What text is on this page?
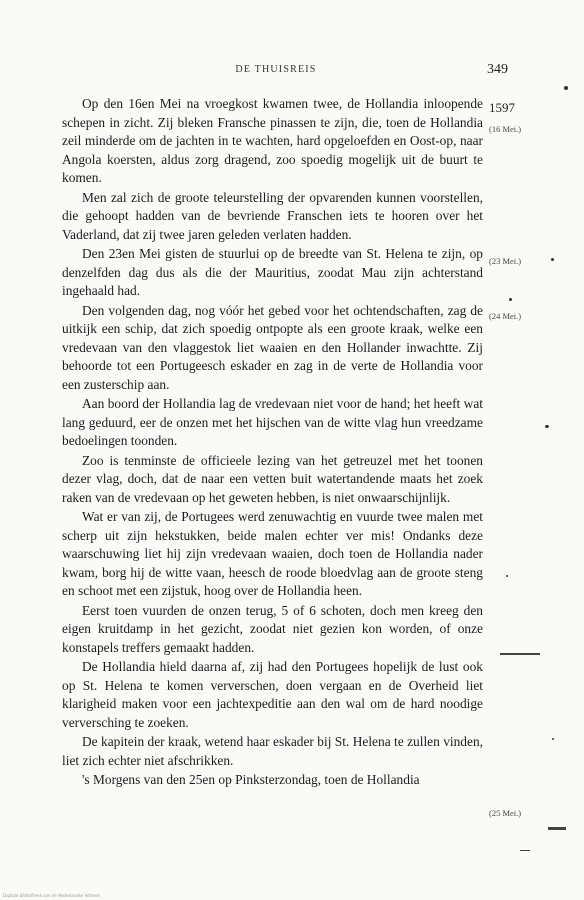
DE THUISREIS	349

Op den 16en Mei na vroegkost kwamen twee, de Hollandia inloopende schepen in zicht. Zij bleken Fransche pinassen te zijn, die, toen de Hollandia zeil minderde om de jachten in te wachten, hard opgeloefden en Oost-op, naar Angola koersten, aldus zorg dragend, zoo spoedig mogelijk uit de buurt te komen.

Men zal zich de groote teleurstelling der opvarenden kunnen voorstellen, die gehoopt hadden van de bevriende Franschen iets te hooren over het Vaderland, dat zij twee jaren geleden verlaten hadden.

Den 23en Mei gisten de stuurlui op de breedte van St. Helena te zijn, op denzelfden dag dus als die der Mauritius, zoodat Mau zijn achterstand ingehaald had.

Den volgenden dag, nog vóór het gebed voor het ochtendschaften, zag de uitkijk een schip, dat zich spoedig ontpopte als een groote kraak, welke een vredevaan van den vlaggestok liet waaien en den Hollander inwachtte. Zij behoorde tot een Portugeesch eskader en zag in de verte de Hollandia voor een zusterschip aan.

Aan boord der Hollandia lag de vredevaan niet voor de hand; het heeft wat lang geduurd, eer de onzen met het hijschen van de witte vlag hun vreedzame bedoelingen toonden.

Zoo is tenminste de officieele lezing van het getreuzel met het toonen dezer vlag, doch, dat de naar een vetten buit watertandende maats het zoek raken van de vredevaan op het geweten hebben, is niet onwaarschijnlijk.

Wat er van zij, de Portugees werd zenuwachtig en vuurde twee malen met scherp uit zijn hekstukken, beide malen echter ver mis! Ondanks deze waarschuwing liet hij zijn vredevaan waaien, doch toen de Hollandia nader kwam, borg hij de witte vaan, heesch de roode bloedvlag aan de groote steng en schoot met een zijstuk, hoog over de Hollandia heen.

Eerst toen vuurden de onzen terug, 5 of 6 schoten, doch men kreeg den eigen kruitdamp in het gezicht, zoodat niet gezien kon worden, of onze konstapels treffers gemaakt hadden.

De Hollandia hield daarna af, zij had den Portugees hopelijk de lust ook op St. Helena te komen ververschen, doen vergaan en de Overheid liet klarigheid maken voor een jachtexpeditie aan den wal om de hard noodige verversching te zoeken.

De kapitein der kraak, wetend haar eskader bij St. Helena te zullen vinden, liet zich echter niet afschrikken.

's Morgens van den 25en op Pinksterzondag, toen de Hollandia

1597
(16 Mei.)
(23 Mei.)
(24 Mei.)
(25 Mei.)
Digitale bibliotheek van de Nederlandse letteren
